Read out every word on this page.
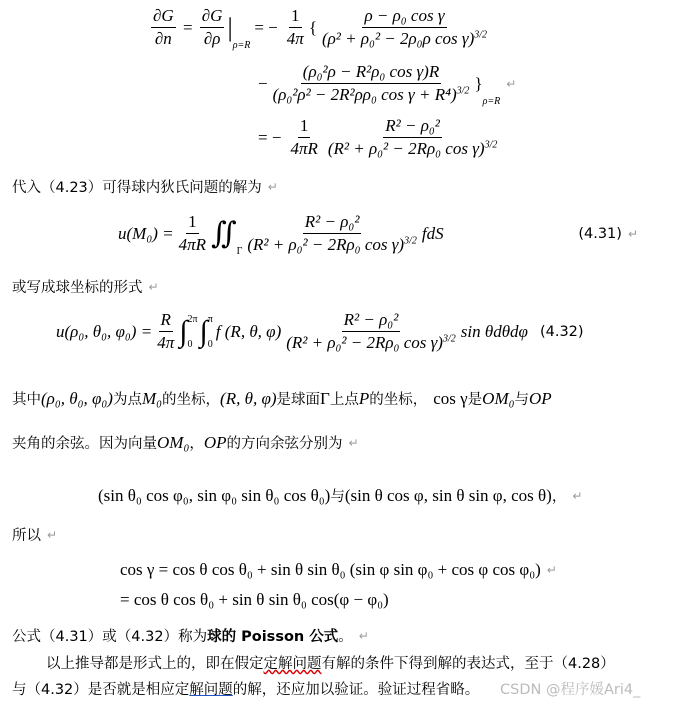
$\frac{\partial G}{\partial n} = \frac{\partial G}{\partial\rho}$ |
ρ=R
= − $\frac{1}{4\pi}$ { $\frac{\text{ρ − ρ₀ cos γ}}{(\rho^2 + \rho_0^2 - 2\rho_0\rho \cos \gamma)^{3/2}}$
− $\frac{\text{(ρ₀²ρ − R²ρ₀ cos γ)R}}{(\rho_0^2\rho^2 - 2R^2\rho\rho_0 \cos \gamma + R^4)^{3/2}}$ }
ρ=R
↵
= − $\frac{1}{4\pi R} \frac{\text{R² − ρ₀²}}{(R^2 + \rho_0^2 - 2R\rho_0 \cos \gamma)^{3/2}}$
代入（4.23）可得球内狄氏问题的解为 ↵
$u(M_0) = \frac{1}{4\pi R}$ ∬
Γ $\frac{\text{R² − ρ₀²}}{(R^2 + \rho_0^2 - 2R\rho_0 \cos \gamma)^{3/2}}$ fdS	(4.31) ↵
或写成球坐标的形式 ↵
u(ρ₀, θ₀, $\varphi_0) = \frac{R}{4\pi}$ ∫ 2π
0 ∫ π
0
f (R, θ, $\varphi) \frac{\text{R² − ρ₀²}}{(R^2 + \rho_0^2 - 2R\rho_0 \cos \gamma)^{3/2}}$ sin θdθdφ (4.32)
其中 (ρ₀, θ₀, φ₀) 为点 M₀ 的坐标， (R, θ, φ) 是球面 Γ 上点 P 的坐标， cos γ 是 OM₀ 与 OP
夹角的余弦。因为向量 OM₀ ， OP 的方向余弦分别为 ↵
(sin θ₀ cos φ₀, sin φ₀ sin θ₀ cos θ₀) 与 (sin θ cos φ, sin θ sin φ, cos θ) ， ↵
所以 ↵
cos γ = cos θ cos θ₀ + sin θ sin θ₀ (sin φ sin φ₀ + cos φ cos φ₀) ↵
= cos θ cos θ₀ + sin θ sin θ₀ cos(φ − φ₀)
公式（4.31）或（4.32）称为 球的 Poisson 公式 。 ↵
以上推导都是形式上的，即在假定 定解问题 有解的条件下得到解的表达式，至于（4.28）
与（4.32）是否就是相应定 解问题 的解，还应加以验证。验证过程省略。 CSDN @程序媛Ari4_
